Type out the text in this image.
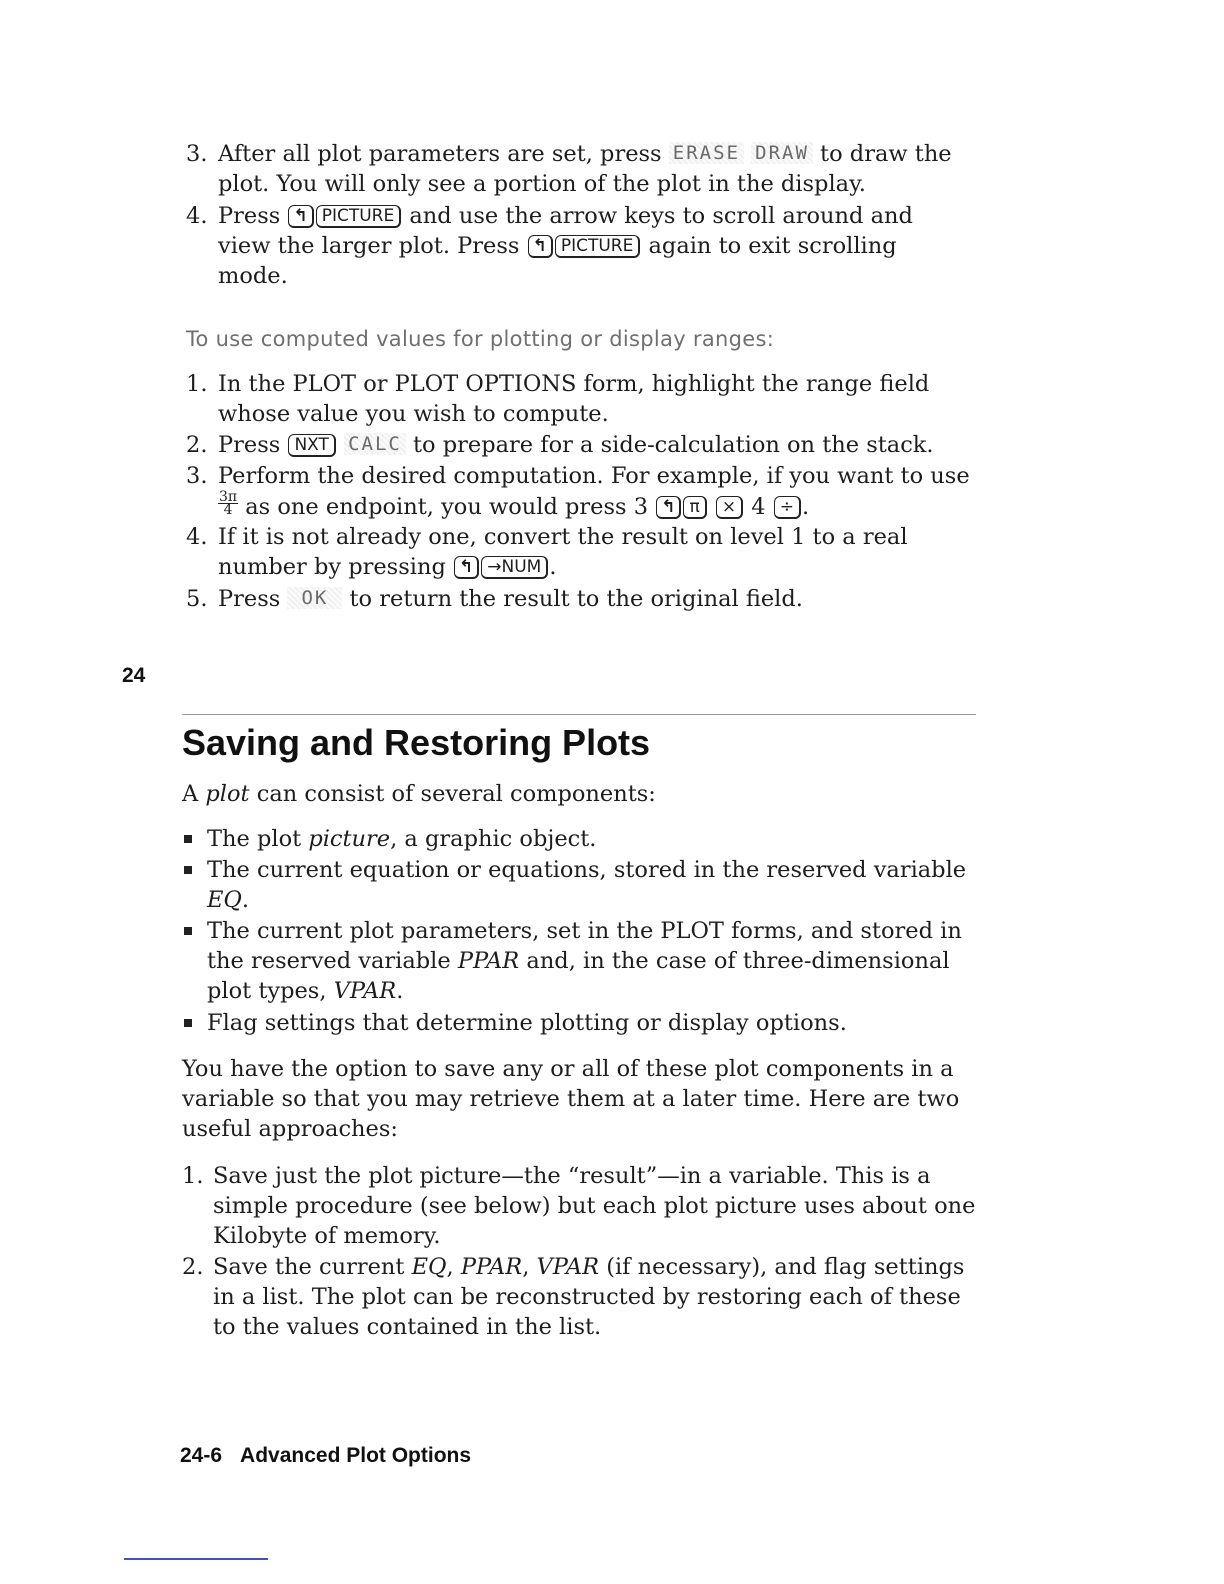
3. After all plot parameters are set, press ERASE DRAW to draw the
plot. You will only see a portion of the plot in the display.
4. Press ↰ PICTURE and use the arrow keys to scroll around and
view the larger plot. Press ↰ PICTURE again to exit scrolling
mode.
To use computed values for plotting or display ranges:
1. In the PLOT or PLOT OPTIONS form, highlight the range field
whose value you wish to compute.
2. Press NXT CALC to prepare for a side-calculation on the stack.
3. Perform the desired computation. For example, if you want to use
$\frac{3\pi}{4}$ as one endpoint, you would press 3 ↰ π × 4 ÷ .
4. If it is not already one, convert the result on level 1 to a real
number by pressing ↰ →NUM .
5. Press OK to return the result to the original field.
24
Saving and Restoring Plots
A plot can consist of several components:
The plot picture, a graphic object.
The current equation or equations, stored in the reserved variable
EQ.
The current plot parameters, set in the PLOT forms, and stored in
the reserved variable PPAR and, in the case of three-dimensional
plot types, VPAR.
Flag settings that determine plotting or display options.
You have the option to save any or all of these plot components in a
variable so that you may retrieve them at a later time. Here are two
useful approaches:
1. Save just the plot picture—the “result”—in a variable. This is a
simple procedure (see below) but each plot picture uses about one
Kilobyte of memory.
2. Save the current EQ, PPAR, VPAR (if necessary), and flag settings
in a list. The plot can be reconstructed by restoring each of these
to the values contained in the list.
24-6 Advanced Plot Options
